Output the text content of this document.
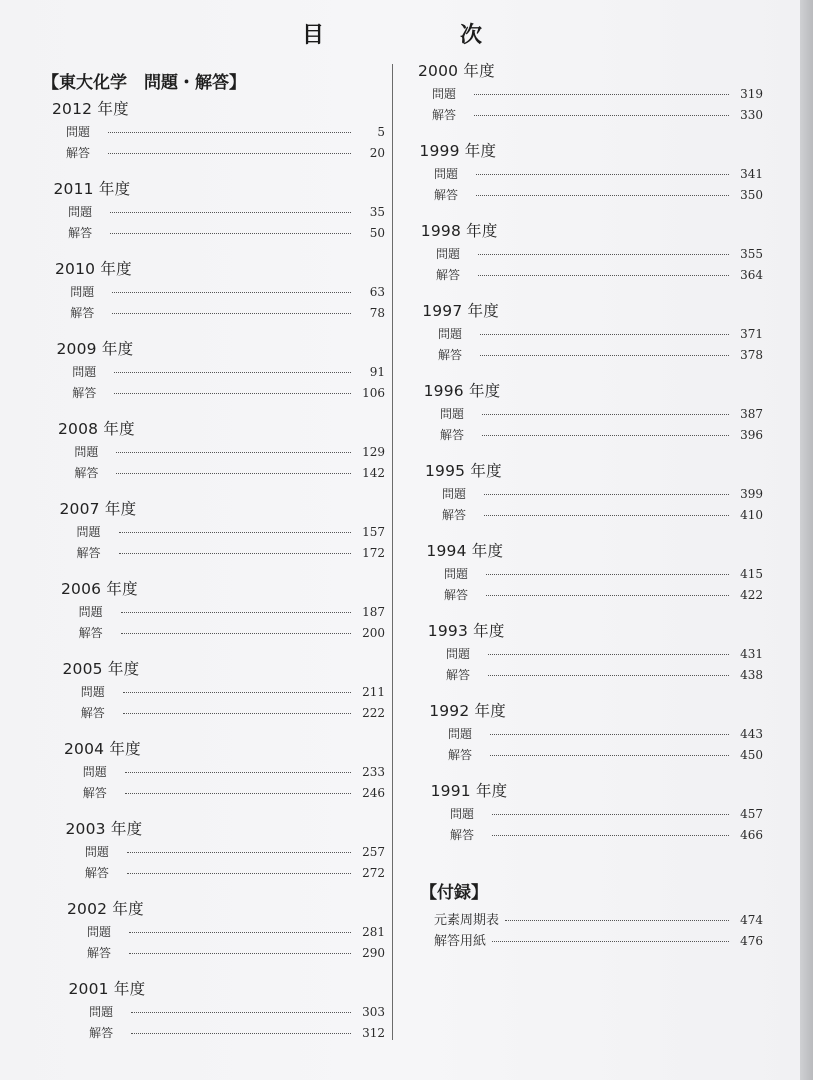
目	次
【東大化学　問題・解答】
2012 年度
問題	5
解答	20
2011 年度
問題	35
解答	50
2010 年度
問題	63
解答	78
2009 年度
問題	91
解答	106
2008 年度
問題	129
解答	142
2007 年度
問題	157
解答	172
2006 年度
問題	187
解答	200
2005 年度
問題	211
解答	222
2004 年度
問題	233
解答	246
2003 年度
問題	257
解答	272
2002 年度
問題	281
解答	290
2001 年度
問題	303
解答	312
2000 年度
問題	319
解答	330
1999 年度
問題	341
解答	350
1998 年度
問題	355
解答	364
1997 年度
問題	371
解答	378
1996 年度
問題	387
解答	396
1995 年度
問題	399
解答	410
1994 年度
問題	415
解答	422
1993 年度
問題	431
解答	438
1992 年度
問題	443
解答	450
1991 年度
問題	457
解答	466
【付録】
元素周期表	474
解答用紙	476
